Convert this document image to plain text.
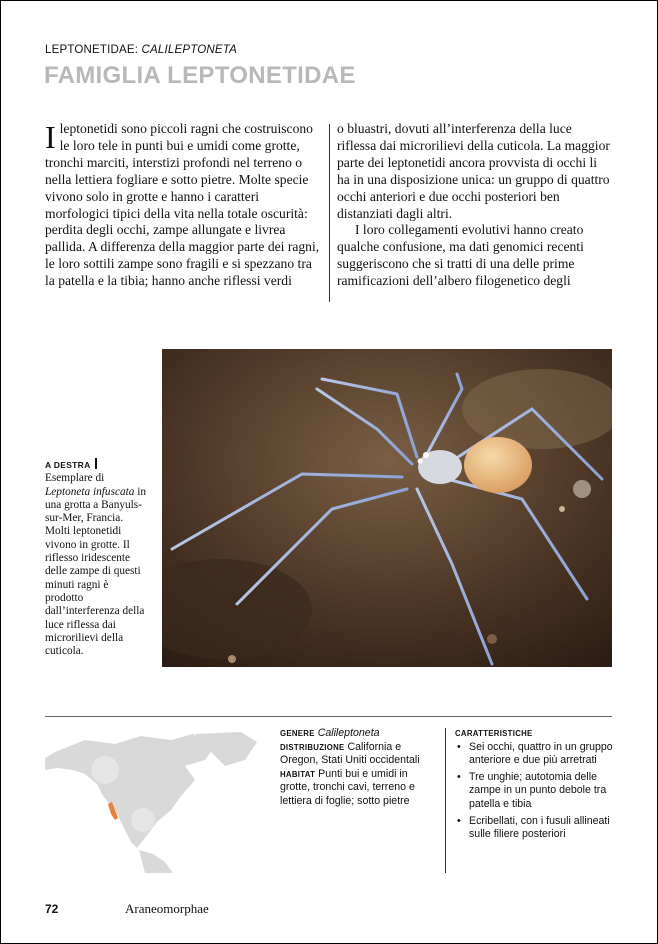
LEPTONETIDAE: CALILEPTONETA
FAMIGLIA LEPTONETIDAE

Ileptonetidi sono piccoli ragni che costruiscono le loro tele in punti bui e umidi come grotte, tronchi marciti, interstizi profondi nel terreno o nella lettiera fogliare e sotto pietre. Molte specie vivono solo in grotte e hanno i caratteri morfologici tipici della vita nella totale oscurità: perdita degli occhi, zampe allungate e livrea pallida. A differenza della maggior parte dei ragni, le loro sottili zampe sono fragili e si spezzano tra la patella e la tibia; hanno anche riflessi verdi

o bluastri, dovuti all’interferenza della luce riflessa dai microrilievi della cuticola. La maggior parte dei leptonetidi ancora provvista di occhi li ha in una disposizione unica: un gruppo di quattro occhi anteriori e due occhi posteriori ben distanziati dagli altri.

I loro collegamenti evolutivi hanno creato qualche confusione, ma dati genomici recenti suggeriscono che si tratti di una delle prime ramificazioni dell’albero filogenetico degli

A DESTRA
Esemplare di Leptoneta infuscata in una grotta a Banyuls-sur-Mer, Francia. Molti leptonetidi vivono in grotte. Il riflesso iridescente delle zampe di questi minuti ragni è prodotto dall’interferenza della luce riflessa dai microrilievi della cuticola.
GENERE Calileptoneta
DISTRIBUZIONE California e Oregon, Stati Uniti occidentali
HABITAT Punti bui e umidi in grotte, tronchi cavi, terreno e lettiera di foglie; sotto pietre
CARATTERISTICHE
• Sei occhi, quattro in un gruppo anteriore e due più arretrati
• Tre unghie; autotomia delle zampe in un punto debole tra patella e tibia
• Ecribellati, con i fusuli allineati sulle filiere posteriori
72	Araneomorphae
